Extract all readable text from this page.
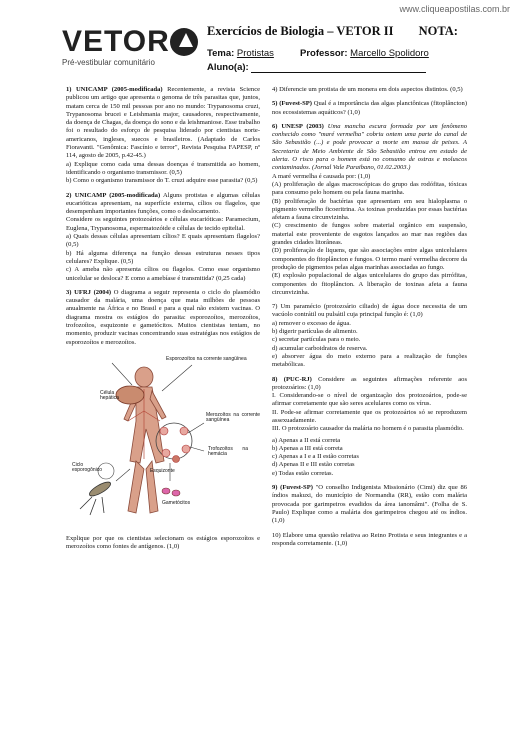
www.cliqueapostilas.com.br
VETOR
Pré-vestibular comunitário
Exercícios de Biologia – VETOR II NOTA:
Tema: Protistas	Professor: Marcello Spolidoro
Aluno(a):

1) UNICAMP (2005-modificada) Recentemente, a revista Science publicou um artigo que apresenta o genoma de três parasitas que, juntos, matam cerca de 150 mil pessoas por ano no mundo: Trypanosoma cruzi, Trypanosoma brucei e Leishmania major, causadores, respectivamente, da doença de Chagas, da doença do sono e da leishmaniose. Esse trabalho foi o resultado do esforço de pesquisa liderado por cientistas norte-americanos, ingleses, suecos e brasileiros. (Adaptado de Carlos Fioravanti. "Genômica: Fascínio e terror", Revista Pesquisa FAPESP, nº 114, agosto de 2005, p.42-45.)

a) Explique como cada uma dessas doenças é transmitida ao homem, identificando o organismo transmissor. (0,5)

b) Como o organismo transmissor do T. cruzi adquire esse parasita? (0,5)

2) UNICAMP (2005-modificada) Alguns protistas e algumas células eucarióticas apresentam, na superfície externa, cílios ou flagelos, que desempenham importantes funções, como o deslocamento.

Considere os seguintes protozoários e células eucarióticas: Paramecium, Euglena, Trypanosoma, espermatozóide e células de tecido epitelial.

a) Quais dessas células apresentam cílios? E quais apresentam flagelos? (0,5)

b) Há alguma diferença na função dessas estruturas nesses tipos celulares? Explique. (0,5)

c) A ameba não apresenta cílios ou flagelos. Como esse organismo unicelular se desloca? E como a amebíase é transmitida? (0,25 cada)

3) UFRJ (2004) O diagrama a seguir representa o ciclo do plasmódio causador da malária, uma doença que mata milhões de pessoas anualmente na África e no Brasil e para a qual não existem vacinas. O diagrama mostra os estágios do parasita: esporozoítos, merozoítos, trofozoítos, esquizonte e gametócitos. Muitos cientistas tentam, no momento, produzir vacinas concentrando suas estratégias nos estágios de esporozoítos e merozoítos.

Esporozoítos na corrente sangüínea
Célula hepática
Merozoítos na corrente sangüínea
Trofozoítos na hemácia
Esquizonte
Ciclo esporogônico
Gametócitos

Explique por que os cientistas selecionam os estágios esporozoítos e merozoítos como fontes de antígenos. (1,0)

4) Diferencie um protista de um monera em dois aspectos distintos. (0,5)

5) (Fuvest-SP) Qual é a importância das algas planctônicas (fitoplâncton) nos ecossistemas aquáticos? (1,0)

6) UNESP (2003) Uma mancha escura formada por um fenômeno conhecido como "maré vermelha" cobriu ontem uma parte do canal de São Sebastião (...) e pode provocar a morte em massa de peixes. A Secretaria de Meio Ambiente de São Sebastião entrou em estado de alerta. O risco para o homem está no consumo de ostras e moluscos contaminados. (Jornal Vale Paraibano, 01.02.2003.)

A maré vermelha é causada por: (1,0)

(A) proliferação de algas macroscópicas do grupo das rodófitas, tóxicas para consumo pelo homem ou pela fauna marinha.

(B) proliferação de bactérias que apresentam em seu hialoplasma o pigmento vermelho ficoeritrina. As toxinas produzidas por essas bactérias afetam a fauna circunvizinha.

(C) crescimento de fungos sobre material orgânico em suspensão, material este proveniente de esgotos lançados ao mar nas regiões das grandes cidades litorâneas.

(D) proliferação de liquens, que são associações entre algas unicelulares componentes do fitoplâncton e fungos. O termo maré vermelha decorre da produção de pigmentos pelas algas marinhas associadas ao fungo.

(E) explosão populacional de algas unicelulares do grupo das pirrófitas, componentes do fitoplâncton. A liberação de toxinas afeta a fauna circunvizinha.

7) Um paramécio (protozoário ciliado) de água doce necessita de um vacúolo contrátil ou pulsátil cuja principal função é: (1,0)

a) remover o excesso de água.

b) digerir partículas de alimento.

c) secretar partículas para o meio.

d) acumular carboidratos de reserva.

e) absorver água do meio externo para a realização de funções metabólicas.

8) (PUC-RJ) Considere as seguintes afirmações referente aos protozoários: (1,0)

I. Considerando-se o nível de organização dos protozoários, pode-se afirmar corretamente que são seres acelulares como os vírus.

II. Pode-se afirmar corretamente que os protozoários só se reproduzem assexuadamente.

III. O protozoário causador da malária no homem é o parasita plasmódio.

a) Apenas a II está correta

b) Apenas a III está correta

c) Apenas a I e a II estão corretas

d) Apenas II e III estão corretas

e) Todas estão corretas.

9) (Fuvest-SP) "O conselho Indigenista Missionário (Cimi) diz que 86 índios makuxi, do município de Normandia (RR), estão com malária provocada por garimpeiros evadidos da área ianomâmi". (Folha de S. Paulo) Explique como a malária dos garimpeiros chegou até os índios. (1,0)

10) Elabore uma questão relativa ao Reino Protista e seus integrantes e a responda corretamente. (1,0)
